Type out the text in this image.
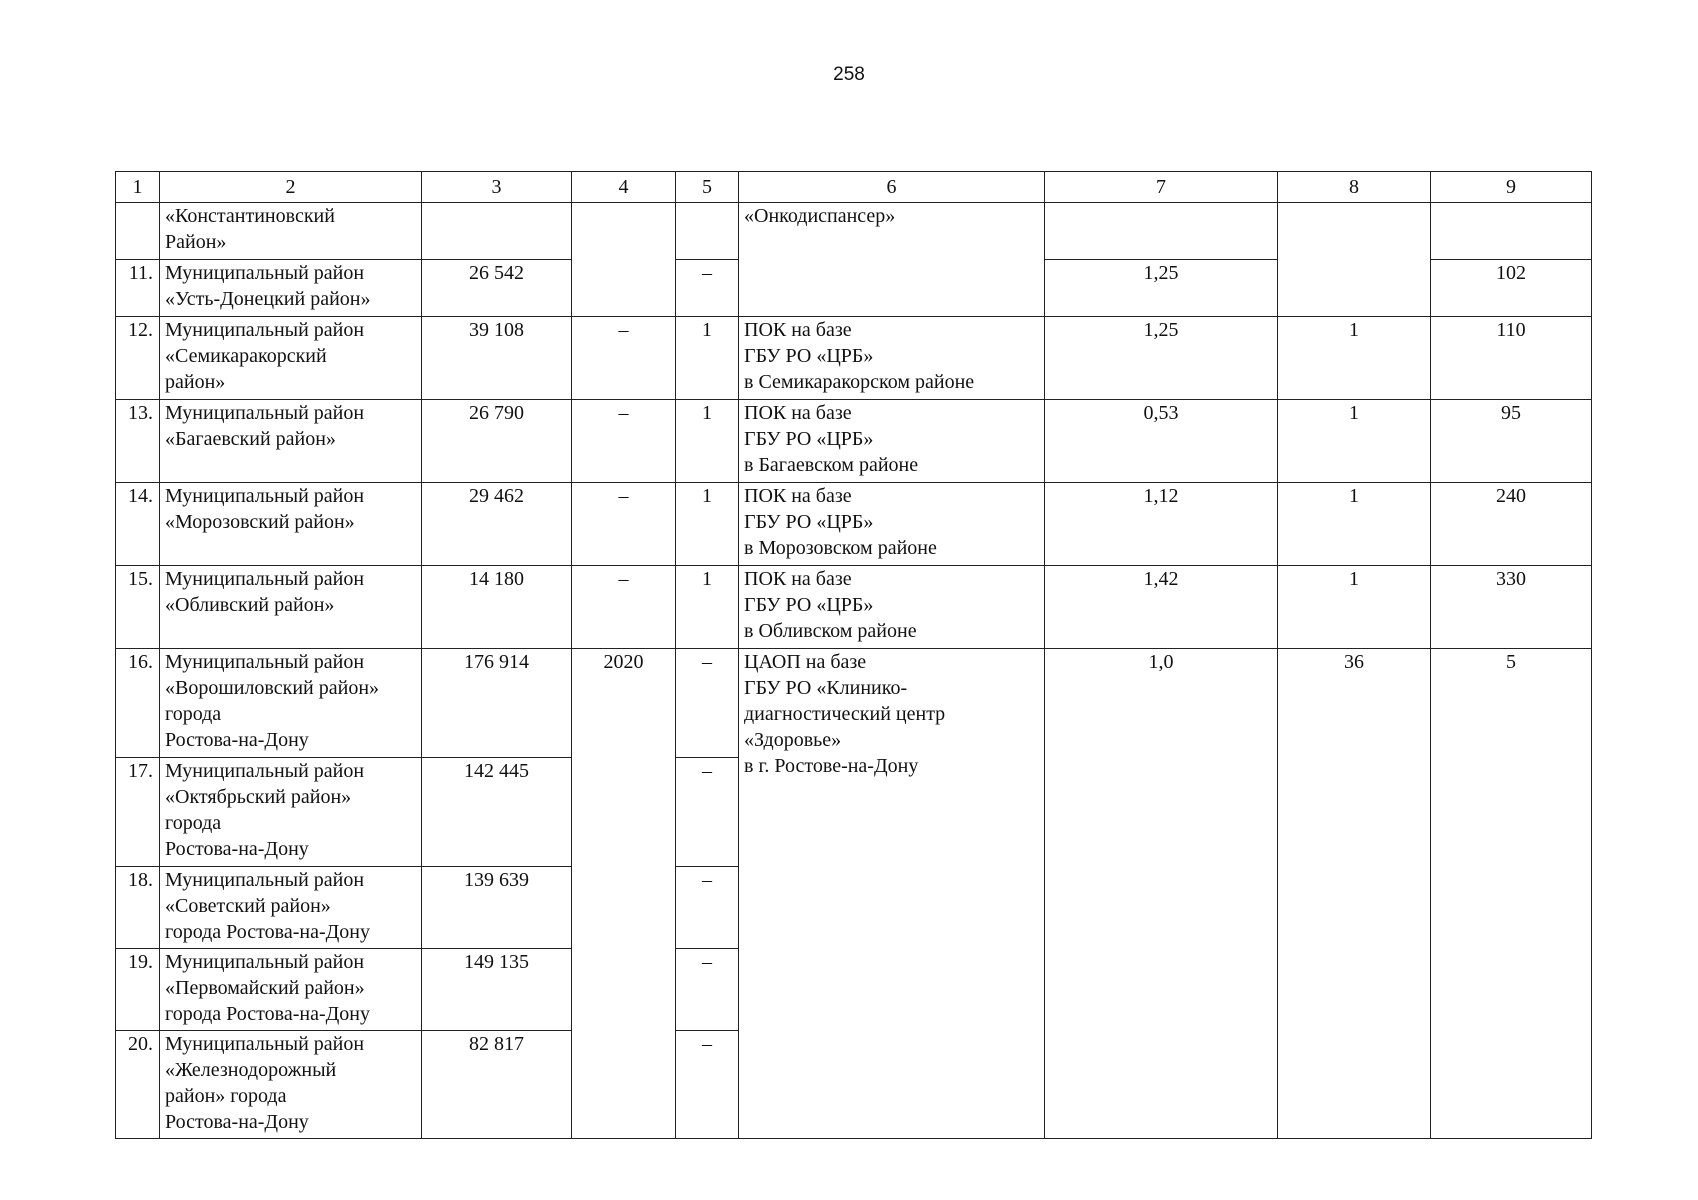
258
1	2	3	4	5	6	7	8	9

	«Константиновский
Район»				«Онкодиспансер»			
11.	Муниципальный район
«Усть-Донецкий район»	26 542		–		1,25		102
12.	Муниципальный район
«Семикаракорский
район»	39 108	–	1	ПОК на базе
ГБУ РО «ЦРБ»
в Семикаракорском районе	1,25	1	110
13.	Муниципальный район
«Багаевский район»	26 790	–	1	ПОК на базе
ГБУ РО «ЦРБ»
в Багаевском районе	0,53	1	95
14.	Муниципальный район
«Морозовский район»	29 462	–	1	ПОК на базе
ГБУ РО «ЦРБ»
в Морозовском районе	1,12	1	240
15.	Муниципальный район
«Обливский район»	14 180	–	1	ПОК на базе
ГБУ РО «ЦРБ»
в Обливском районе	1,42	1	330
16.	Муниципальный район
«Ворошиловский район»
города
Ростова-на-Дону	176 914	2020	–	ЦАОП на базе
ГБУ РО «Клинико-
диагностический центр
«Здоровье»
в г. Ростове-на-Дону	1,0	36	5
17.	Муниципальный район
«Октябрьский район»
города
Ростова-на-Дону	142 445		–				
18.	Муниципальный район
«Советский район»
города Ростова-на-Дону	139 639		–				
19.	Муниципальный район
«Первомайский район»
города Ростова-на-Дону	149 135		–				
20.	Муниципальный район
«Железнодорожный
район» города
Ростова-на-Дону	82 817		–				
